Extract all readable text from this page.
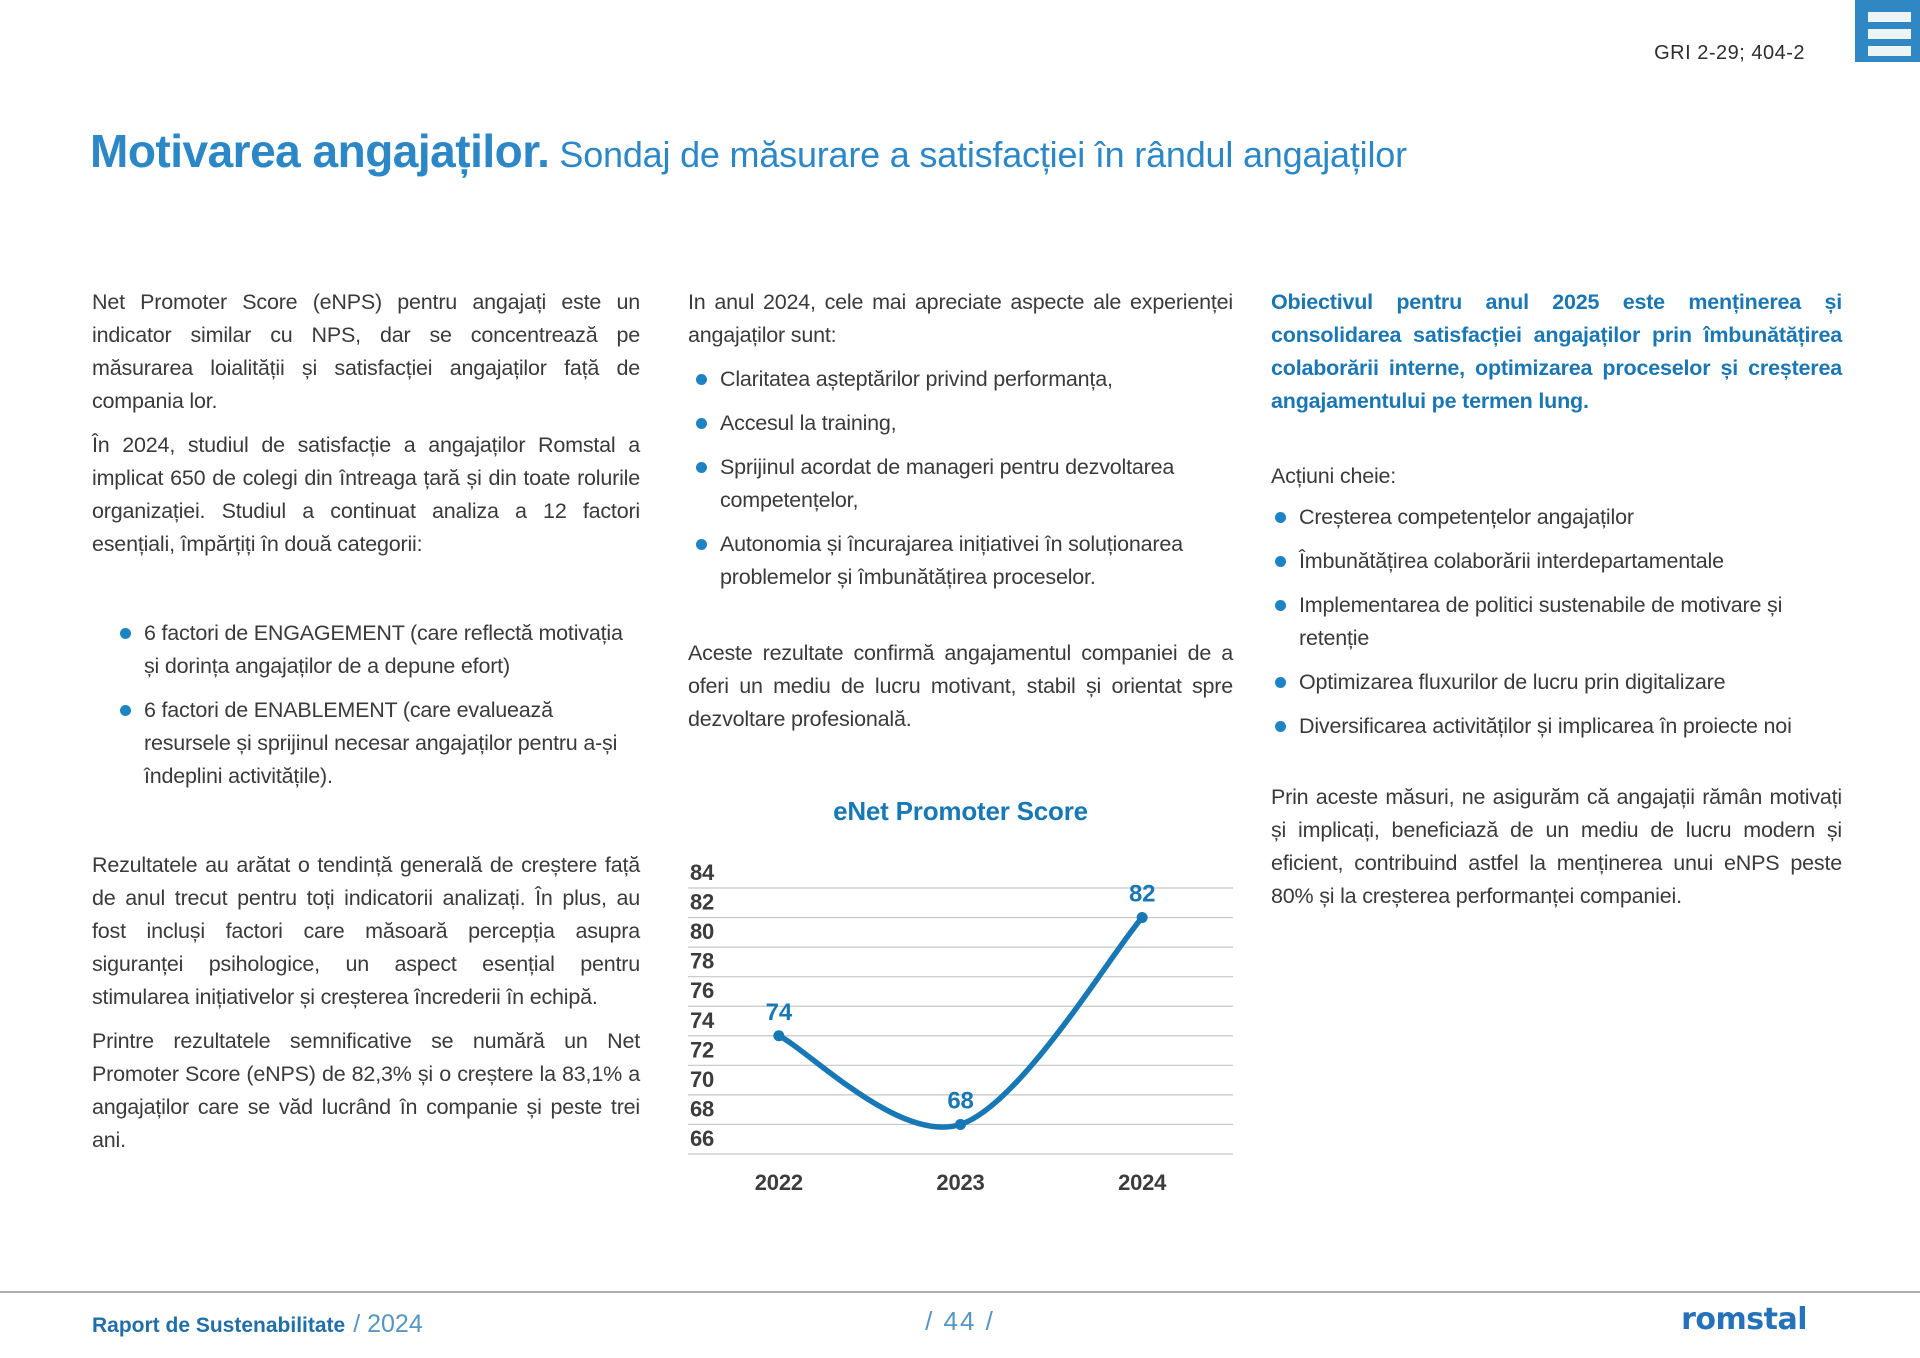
GRI 2-29; 404-2
Motivarea angajaților. Sondaj de măsurare a satisfacției în rândul angajaților

Net Promoter Score (eNPS) pentru angajați este un indicator similar cu NPS, dar se concentrează pe măsurarea loialității și satisfacției angajaților față de compania lor.

În 2024, studiul de satisfacție a angajaților Romstal a implicat 650 de colegi din întreaga țară și din toate rolurile organizației. Studiul a continuat analiza a 12 factori esențiali, împărțiți în două categorii:

6 factori de ENGAGEMENT (care reflectă motivația și dorința angajaților de a depune efort)
6 factori de ENABLEMENT (care evaluează resursele și sprijinul necesar angajaților pentru a-și îndeplini activitățile).

Rezultatele au arătat o tendință generală de creștere față de anul trecut pentru toți indicatorii analizați. În plus, au fost incluși factori care măsoară percepția asupra siguranței psihologice, un aspect esențial pentru stimularea inițiativelor și creșterea încrederii în echipă.

Printre rezultatele semnificative se numără un Net Promoter Score (eNPS) de 82,3% și o creștere la 83,1% a angajaților care se văd lucrând în companie și peste trei ani.

In anul 2024, cele mai apreciate aspecte ale experienței angajaților sunt:

Claritatea așteptărilor privind performanța,
Accesul la training,
Sprijinul acordat de manageri pentru dezvoltarea competențelor,
Autonomia și încurajarea inițiativei în soluționarea problemelor și îmbunătățirea proceselor.

Aceste rezultate confirmă angajamentul companiei de a oferi un mediu de lucru motivant, stabil și orientat spre dezvoltare profesională.

eNet Promoter Score
84
82
80
78
76
74
72
70
68
66
74
68
82
2022	2023	2024

Obiectivul pentru anul 2025 este menținerea și consolidarea satisfacției angajaților prin îmbunătățirea colaborării interne, optimizarea proceselor și creșterea angajamentului pe termen lung.

Acțiuni cheie:

Creșterea competențelor angajaților
Îmbunătățirea colaborării interdepartamentale
Implementarea de politici sustenabile de motivare și retenție
Optimizarea fluxurilor de lucru prin digitalizare
Diversificarea activităților și implicarea în proiecte noi

Prin aceste măsuri, ne asigurăm că angajații rămân motivați și implicați, beneficiază de un mediu de lucru modern și eficient, contribuind astfel la menținerea unui eNPS peste 80% și la creșterea performanței companiei.

Raport de Sustenabilitate / 2024	/ 44 /	romstal
